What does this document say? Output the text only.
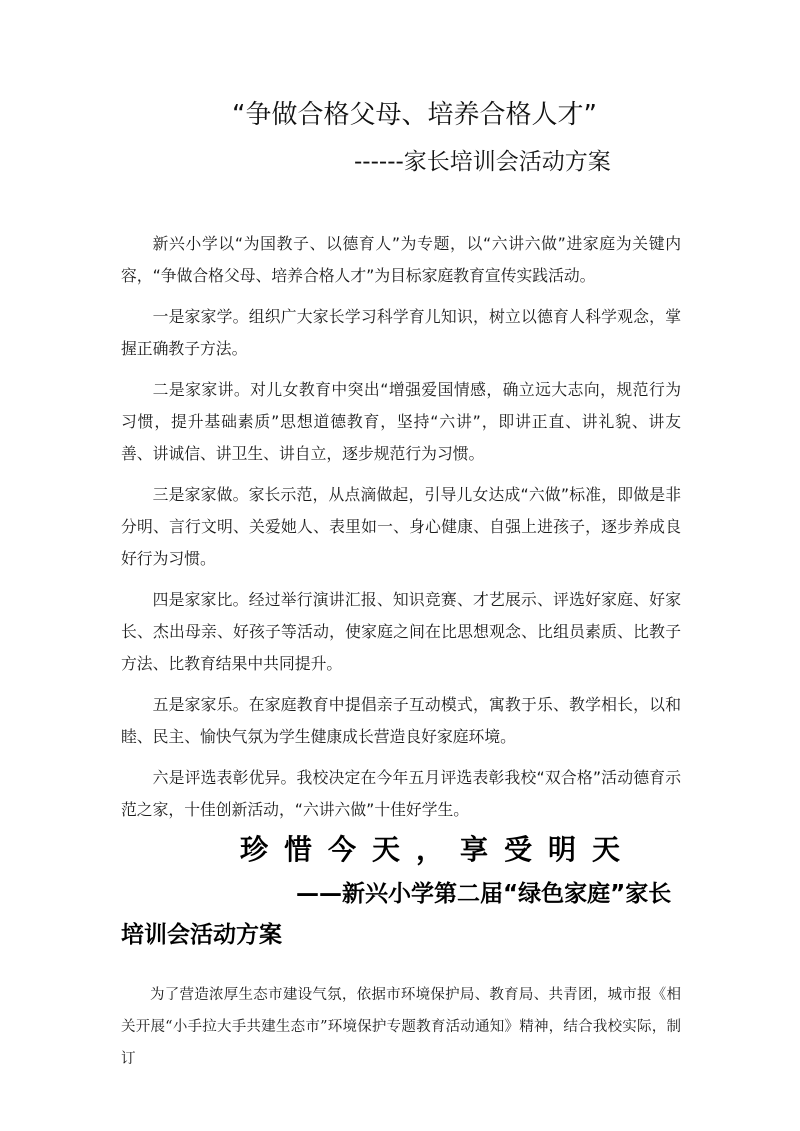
“争做合格父母、培养合格人才”
------家长培训会活动方案

新兴小学以“为国教子、以德育人”为专题，以“六讲六做”进家庭为关键内容，“争做合格父母、培养合格人才”为目标家庭教育宣传实践活动。

一是家家学。组织广大家长学习科学育儿知识，树立以德育人科学观念，掌握正确教子方法。

二是家家讲。对儿女教育中突出“增强爱国情感，确立远大志向，规范行为习惯，提升基础素质”思想道德教育，坚持“六讲”，即讲正直、讲礼貌、讲友善、讲诚信、讲卫生、讲自立，逐步规范行为习惯。

三是家家做。家长示范，从点滴做起，引导儿女达成“六做”标准，即做是非分明、言行文明、关爱她人、表里如一、身心健康、自强上进孩子，逐步养成良好行为习惯。

四是家家比。经过举行演讲汇报、知识竞赛、才艺展示、评选好家庭、好家长、杰出母亲、好孩子等活动，使家庭之间在比思想观念、比组员素质、比教子方法、比教育结果中共同提升。

五是家家乐。在家庭教育中提倡亲子互动模式，寓教于乐、教学相长，以和睦、民主、愉快气氛为学生健康成长营造良好家庭环境。

六是评选表彰优异。我校决定在今年五月评选表彰我校“双合格”活动德育示范之家，十佳创新活动，“六讲六做”十佳好学生。

珍惜今天，享受明天
——新兴小学第二届“绿色家庭”家长
培训会活动方案

为了营造浓厚生态市建设气氛，依据市环境保护局、教育局、共青团，城市报《相关开展“小手拉大手共建生态市”环境保护专题教育活动通知》精神，结合我校实际，制订
